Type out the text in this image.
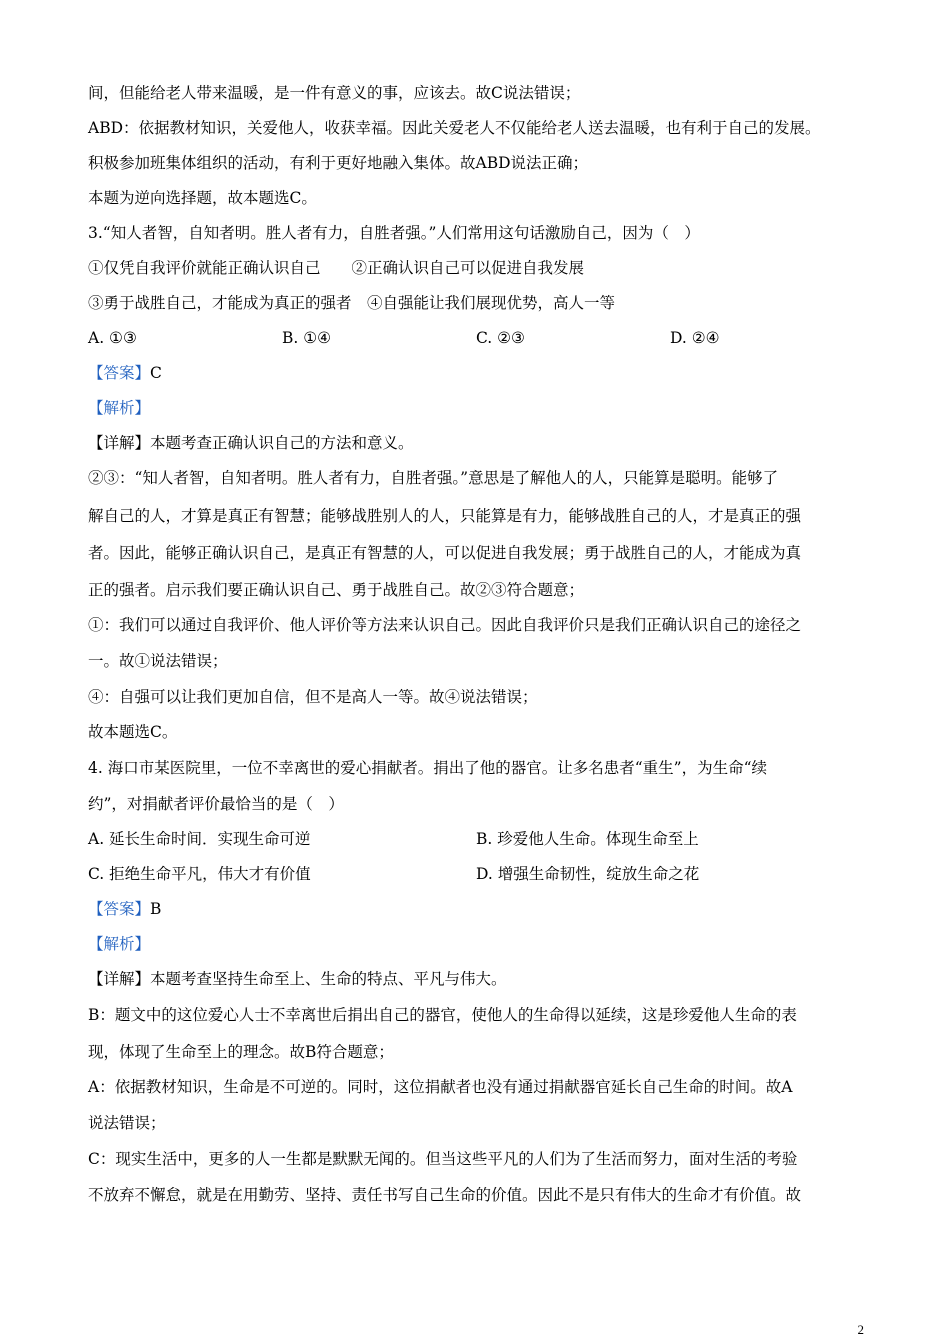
间，但能给老人带来温暖，是一件有意义的事，应该去。故C说法错误；
ABD：依据教材知识，关爱他人，收获幸福。因此关爱老人不仅能给老人送去温暖，也有利于自己的发展。
积极参加班集体组织的活动，有利于更好地融入集体。故ABD说法正确；
本题为逆向选择题，故本题选C。
3.“知人者智，自知者明。胜人者有力，自胜者强。”人们常用这句话激励自己，因为（　）
①仅凭自我评价就能正确认识自己　　②正确认识自己可以促进自我发展
③勇于战胜自己，才能成为真正的强者　④自强能让我们展现优势，高人一等
A. ①③	B. ①④	C. ②③	D. ②④
【答案】C
【解析】
【详解】本题考查正确认识自己的方法和意义。
②③：“知人者智，自知者明。胜人者有力，自胜者强。”意思是了解他人的人，只能算是聪明。能够了
解自己的人，才算是真正有智慧；能够战胜别人的人，只能算是有力，能够战胜自己的人，才是真正的强
者。因此，能够正确认识自己，是真正有智慧的人，可以促进自我发展；勇于战胜自己的人，才能成为真
正的强者。启示我们要正确认识自己、勇于战胜自己。故②③符合题意；
①：我们可以通过自我评价、他人评价等方法来认识自己。因此自我评价只是我们正确认识自己的途径之
一。故①说法错误；
④：自强可以让我们更加自信，但不是高人一等。故④说法错误；
故本题选C。
4. 海口市某医院里，一位不幸离世的爱心捐献者。捐出了他的器官。让多名患者“重生”，为生命“续
约”，对捐献者评价最恰当的是（　）
A. 延长生命时间．实现生命可逆	B. 珍爱他人生命。体现生命至上
C. 拒绝生命平凡，伟大才有价值	D. 增强生命韧性，绽放生命之花
【答案】B
【解析】
【详解】本题考查坚持生命至上、生命的特点、平凡与伟大。
B：题文中的这位爱心人士不幸离世后捐出自己的器官，使他人的生命得以延续，这是珍爱他人生命的表
现，体现了生命至上的理念。故B符合题意；
A：依据教材知识，生命是不可逆的。同时，这位捐献者也没有通过捐献器官延长自己生命的时间。故A
说法错误；
C：现实生活中，更多的人一生都是默默无闻的。但当这些平凡的人们为了生活而努力，面对生活的考验
不放弃不懈怠，就是在用勤劳、坚持、责任书写自己生命的价值。因此不是只有伟大的生命才有价值。故
2
